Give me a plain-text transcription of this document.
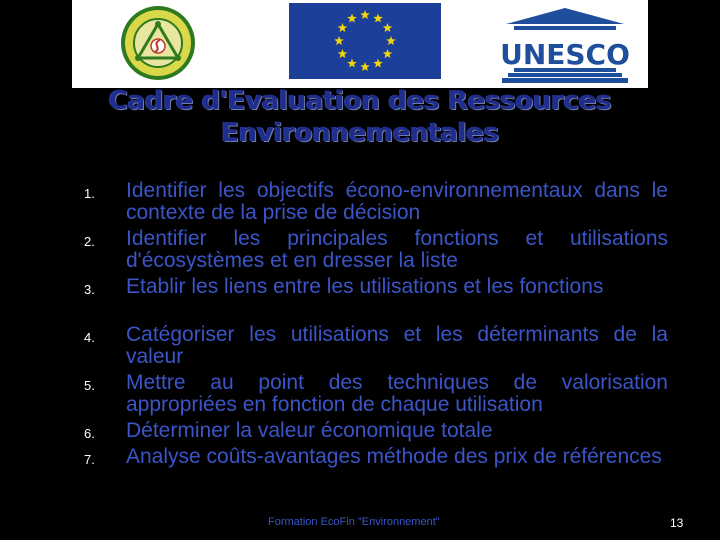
UNESCO
Cadre d'Evaluation des Ressources
Environnementales
1. Identifier les objectifs écono-environnementaux dans le contexte de la prise de décision
2. Identifier les principales fonctions et utilisations d'écosystèmes et en dresser la liste
3. Etablir les liens entre les utilisations et les fonctions
4. Catégoriser les utilisations et les déterminants de la valeur
5. Mettre au point des techniques de valorisation appropriées en fonction de chaque utilisation
6. Déterminer la valeur économique totale
7. Analyse coûts-avantages méthode des prix de références
Formation EcoFin "Environnement"	13
